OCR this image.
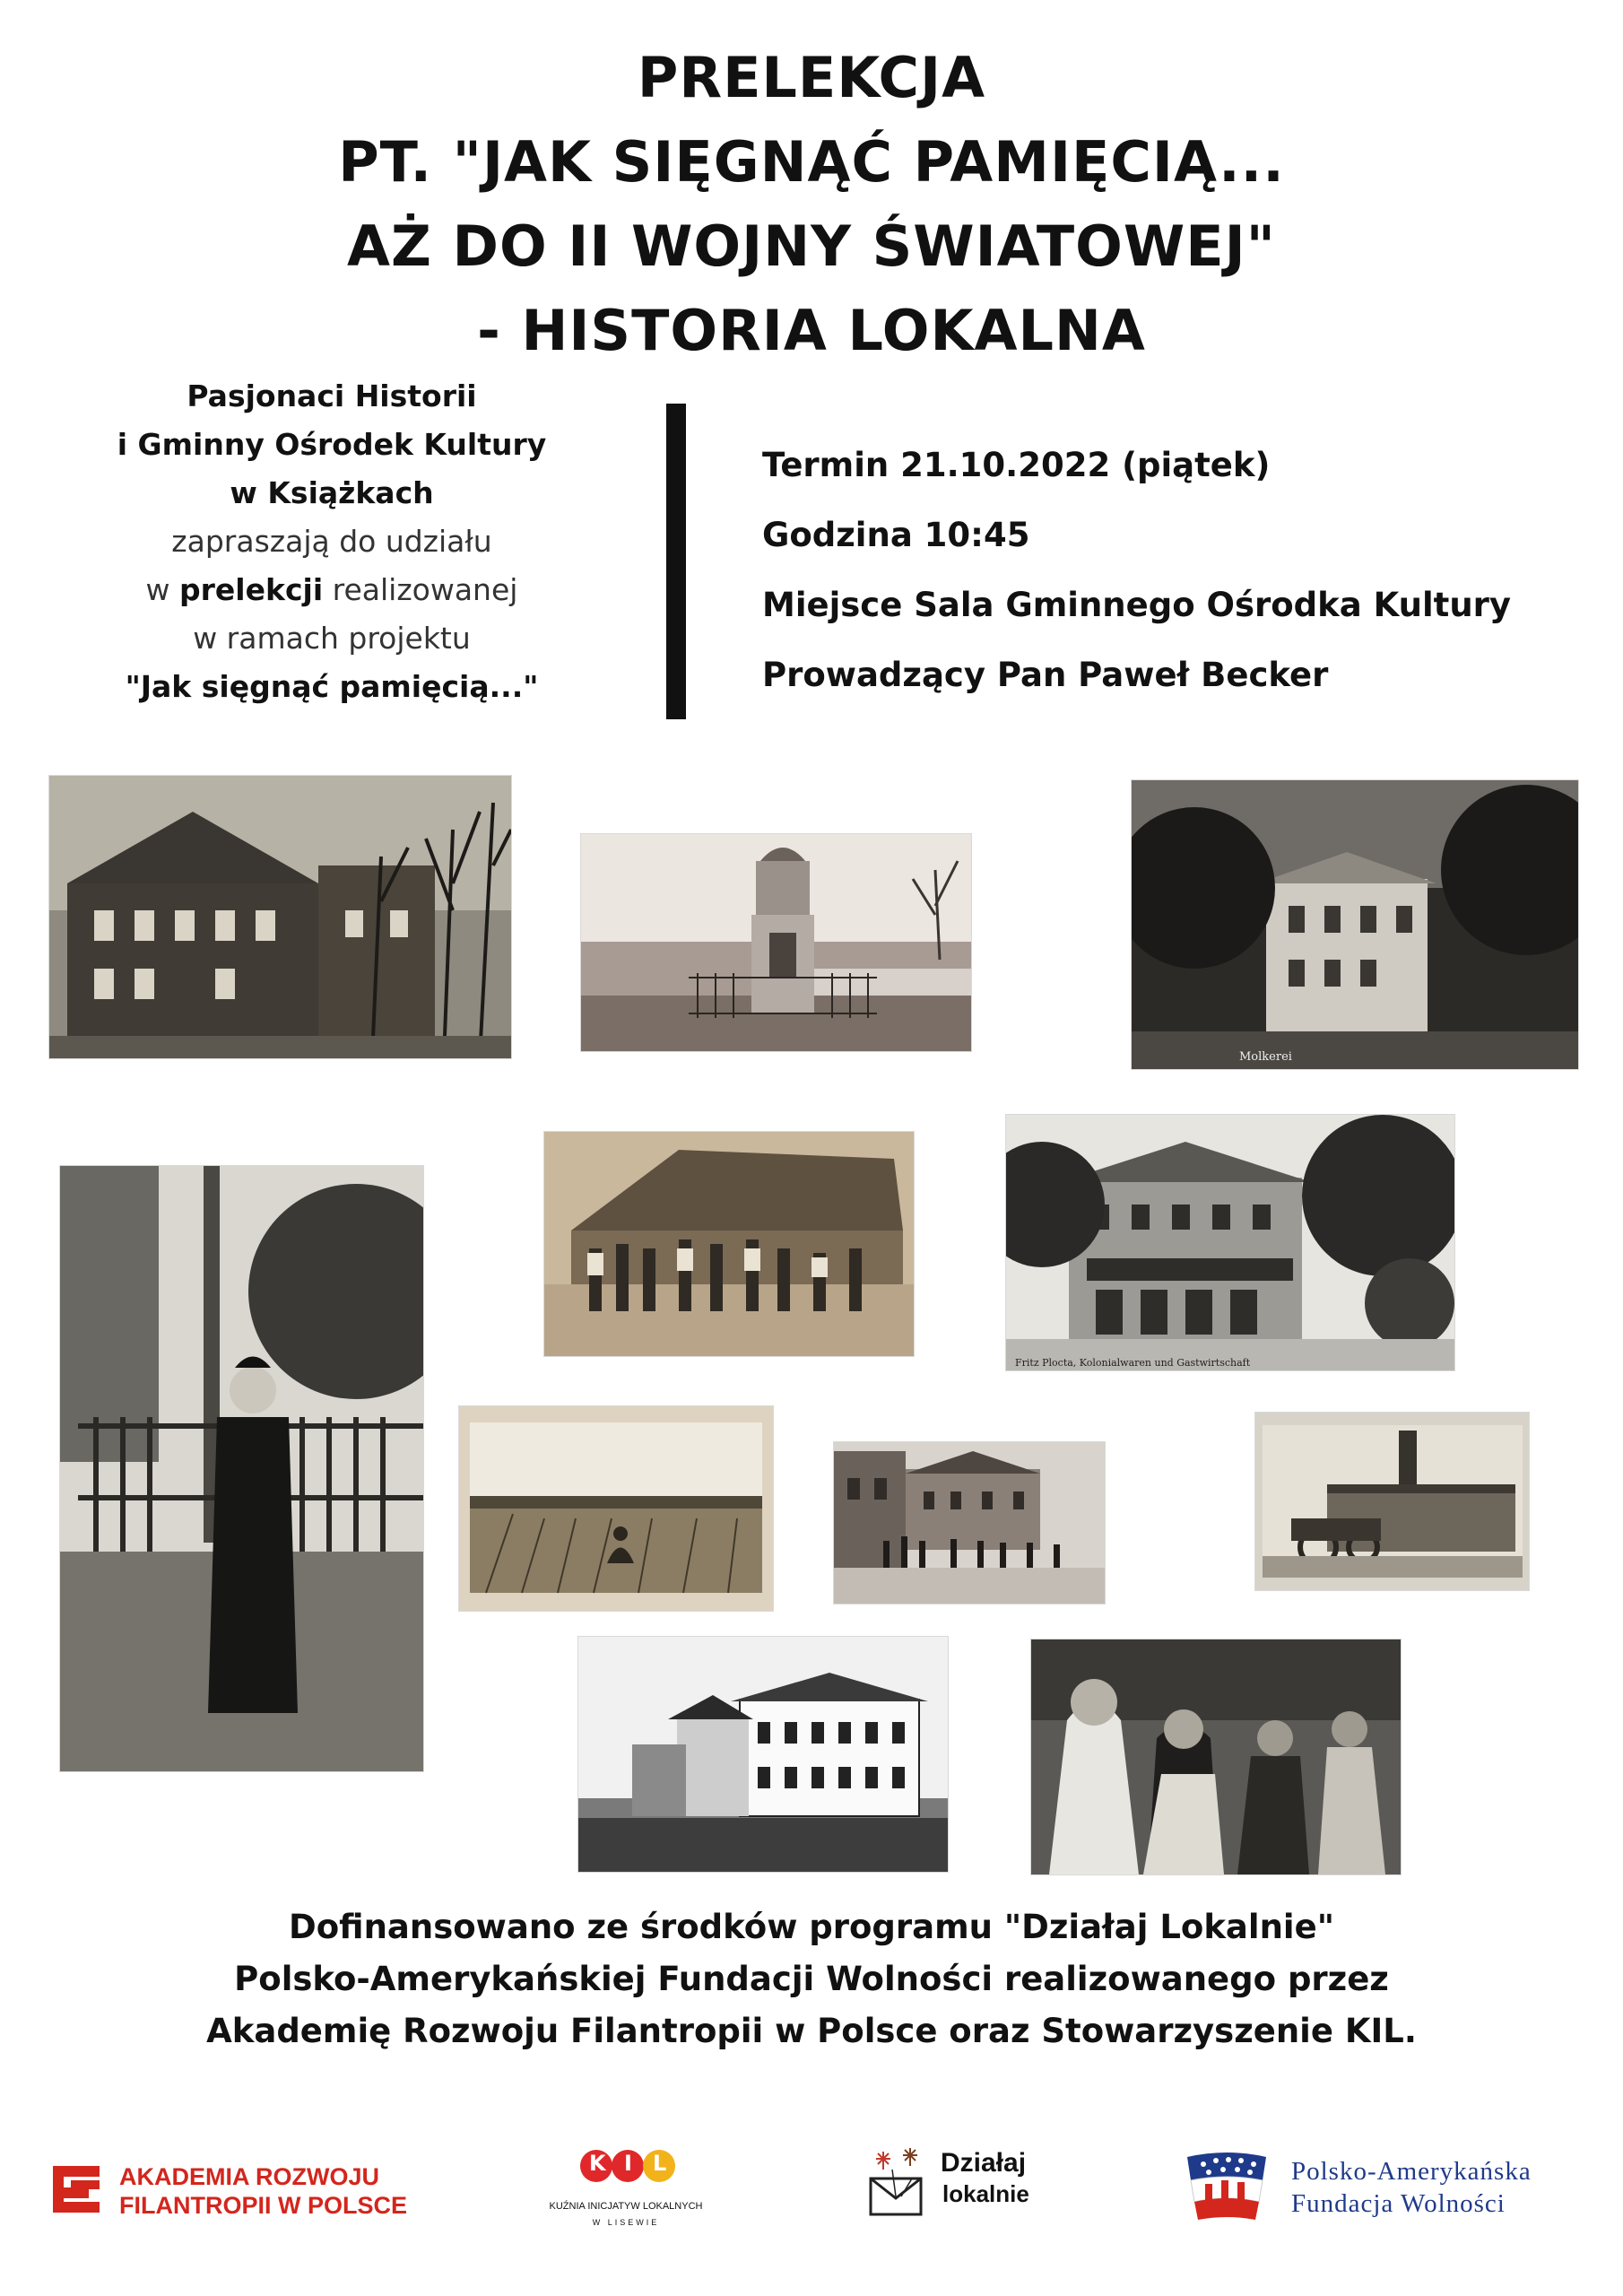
PRELEKCJA
PT. "JAK SIĘGNĄĆ PAMIĘCIĄ...
AŻ DO II WOJNY ŚWIATOWEJ"
- HISTORIA LOKALNA
Pasjonaci Historii
i Gminny Ośrodek Kultury
w Książkach
zapraszają do udziału
w prelekcji realizowanej
w ramach projektu
"Jak sięgnąć pamięcią..."
Termin 21.10.2022 (piątek)
Godzina 10:45
Miejsce Sala Gminnego Ośrodka Kultury
Prowadzący Pan Paweł Becker
Molkerei
Fritz Plocta, Kolonialwaren und Gastwirtschaft
Dofinansowano ze środków programu "Działaj Lokalnie"
Polsko-Amerykańskiej Fundacji Wolności realizowanego przez
Akademię Rozwoju Filantropii w Polsce oraz Stowarzyszenie KIL.
AKADEMIA ROZWOJU
FILANTROPII W POLSCE
K I L
KUŹNIA INICJATYW LOKALNYCH
W LISEWIE
Działaj
lokalnie
Polsko-Amerykańska
Fundacja Wolności
